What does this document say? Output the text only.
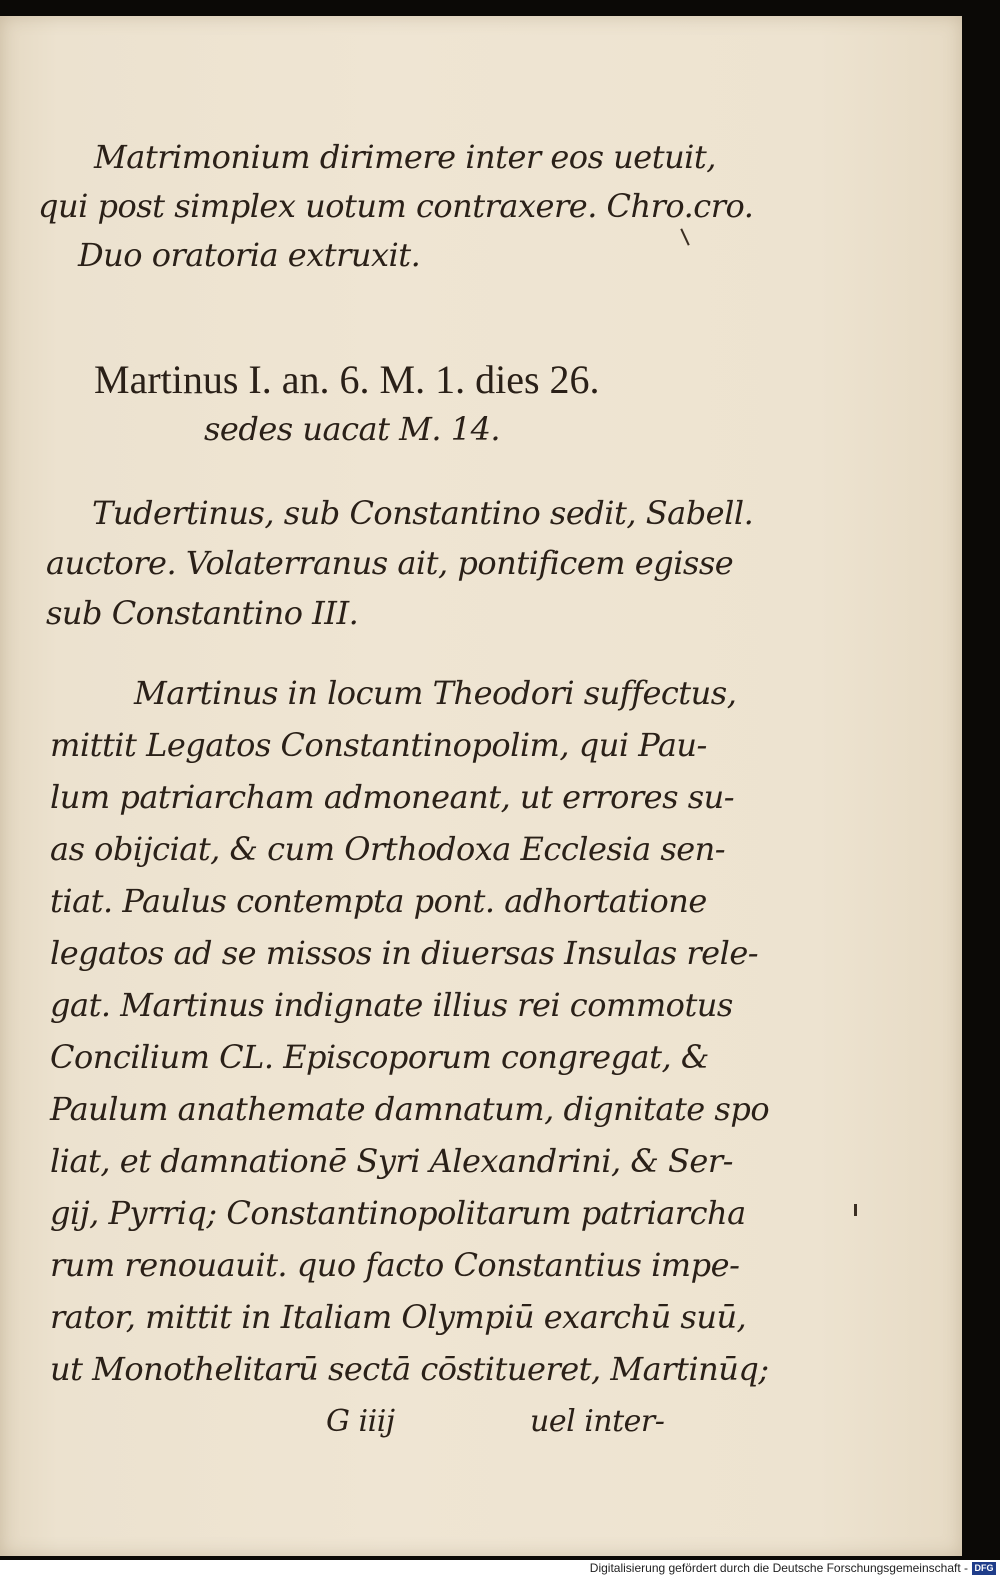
Matrimonium dirimere inter eos uetuit,
qui post simplex uotum contraxere. Chro.cro.
Duo oratoria extruxit.
Martinus I. an. 6. M. 1. dies 26.
sedes uacat M. 14.
Tudertinus, sub Constantino sedit, Sabell.
auctore. Volaterranus ait, pontificem egisse
sub Constantino III.
Martinus in locum Theodori suffectus,
mittit Legatos Constantinopolim, qui Pau-
lum patriarcham admoneant, ut errores su-
as obijciat, & cum Orthodoxa Ecclesia sen-
tiat. Paulus contempta pont. adhortatione
legatos ad se missos in diuersas Insulas rele-
gat. Martinus indignate illius rei commotus
Concilium CL. Episcoporum congregat, &
Paulum anathemate damnatum, dignitate spo
liat, et damnationē Syri Alexandrini, & Ser-
gij, Pyrriq; Constantinopolitarum patriarcha
rum renouauit. quo facto Constantius impe-
rator, mittit in Italiam Olympiū exarchū suū,
ut Monothelitarū sectā cōstitueret, Martinūq;
G iiij	uel inter-
Digitalisierung gefördert durch die Deutsche Forschungsgemeinschaft - DFG
